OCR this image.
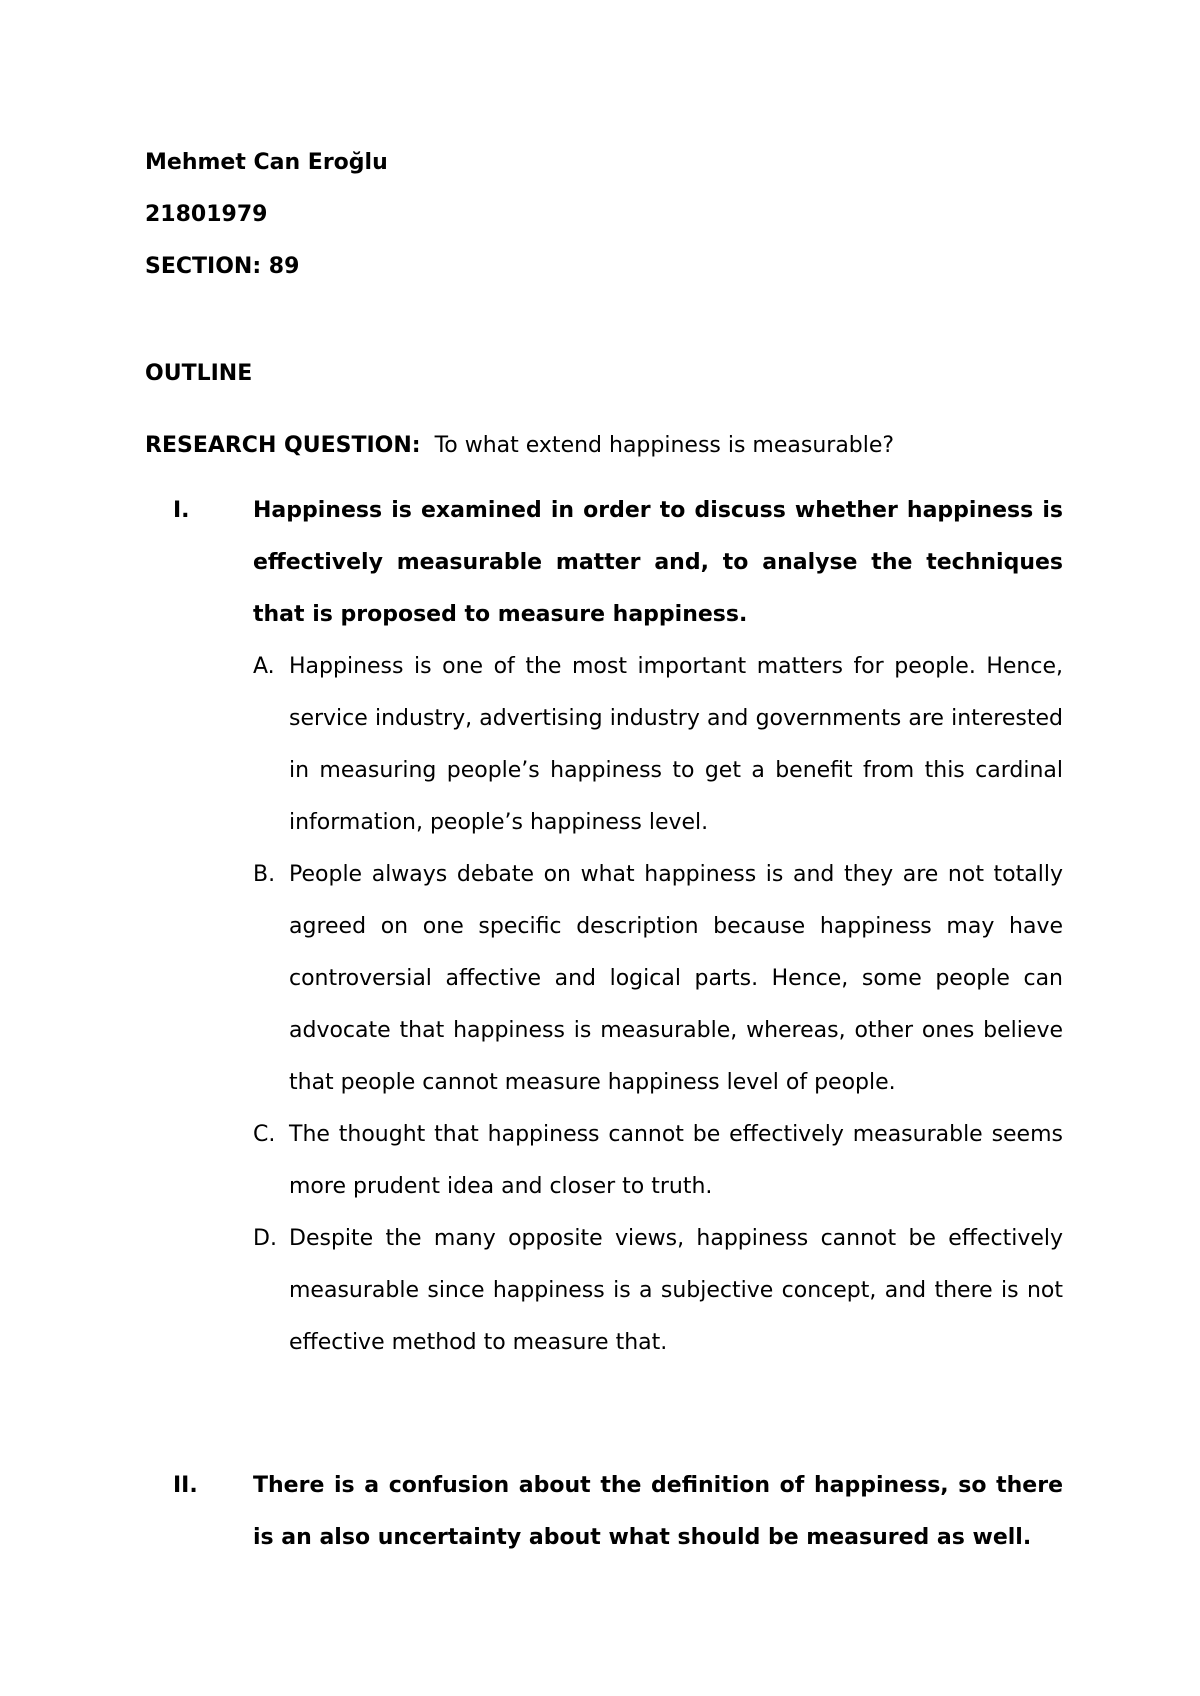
Mehmet Can Eroğlu
21801979
SECTION: 89
OUTLINE
RESEARCH QUESTION: To what extend happiness is measurable?
I.	Happiness is examined in order to discuss whether happiness is effectively measurable matter and, to analyse the techniques that is proposed to measure happiness.
A. Happiness is one of the most important matters for people. Hence, service industry, advertising industry and governments are interested in measuring people’s happiness to get a benefit from this cardinal information, people’s happiness level.
B. People always debate on what happiness is and they are not totally agreed on one specific description because happiness may have controversial affective and logical parts. Hence, some people can advocate that happiness is measurable, whereas, other ones believe that people cannot measure happiness level of people.
C. The thought that happiness cannot be effectively measurable seems more prudent idea and closer to truth.
D. Despite the many opposite views, happiness cannot be effectively measurable since happiness is a subjective concept, and there is not effective method to measure that.
II.	There is a confusion about the definition of happiness, so there is an also uncertainty about what should be measured as well.
